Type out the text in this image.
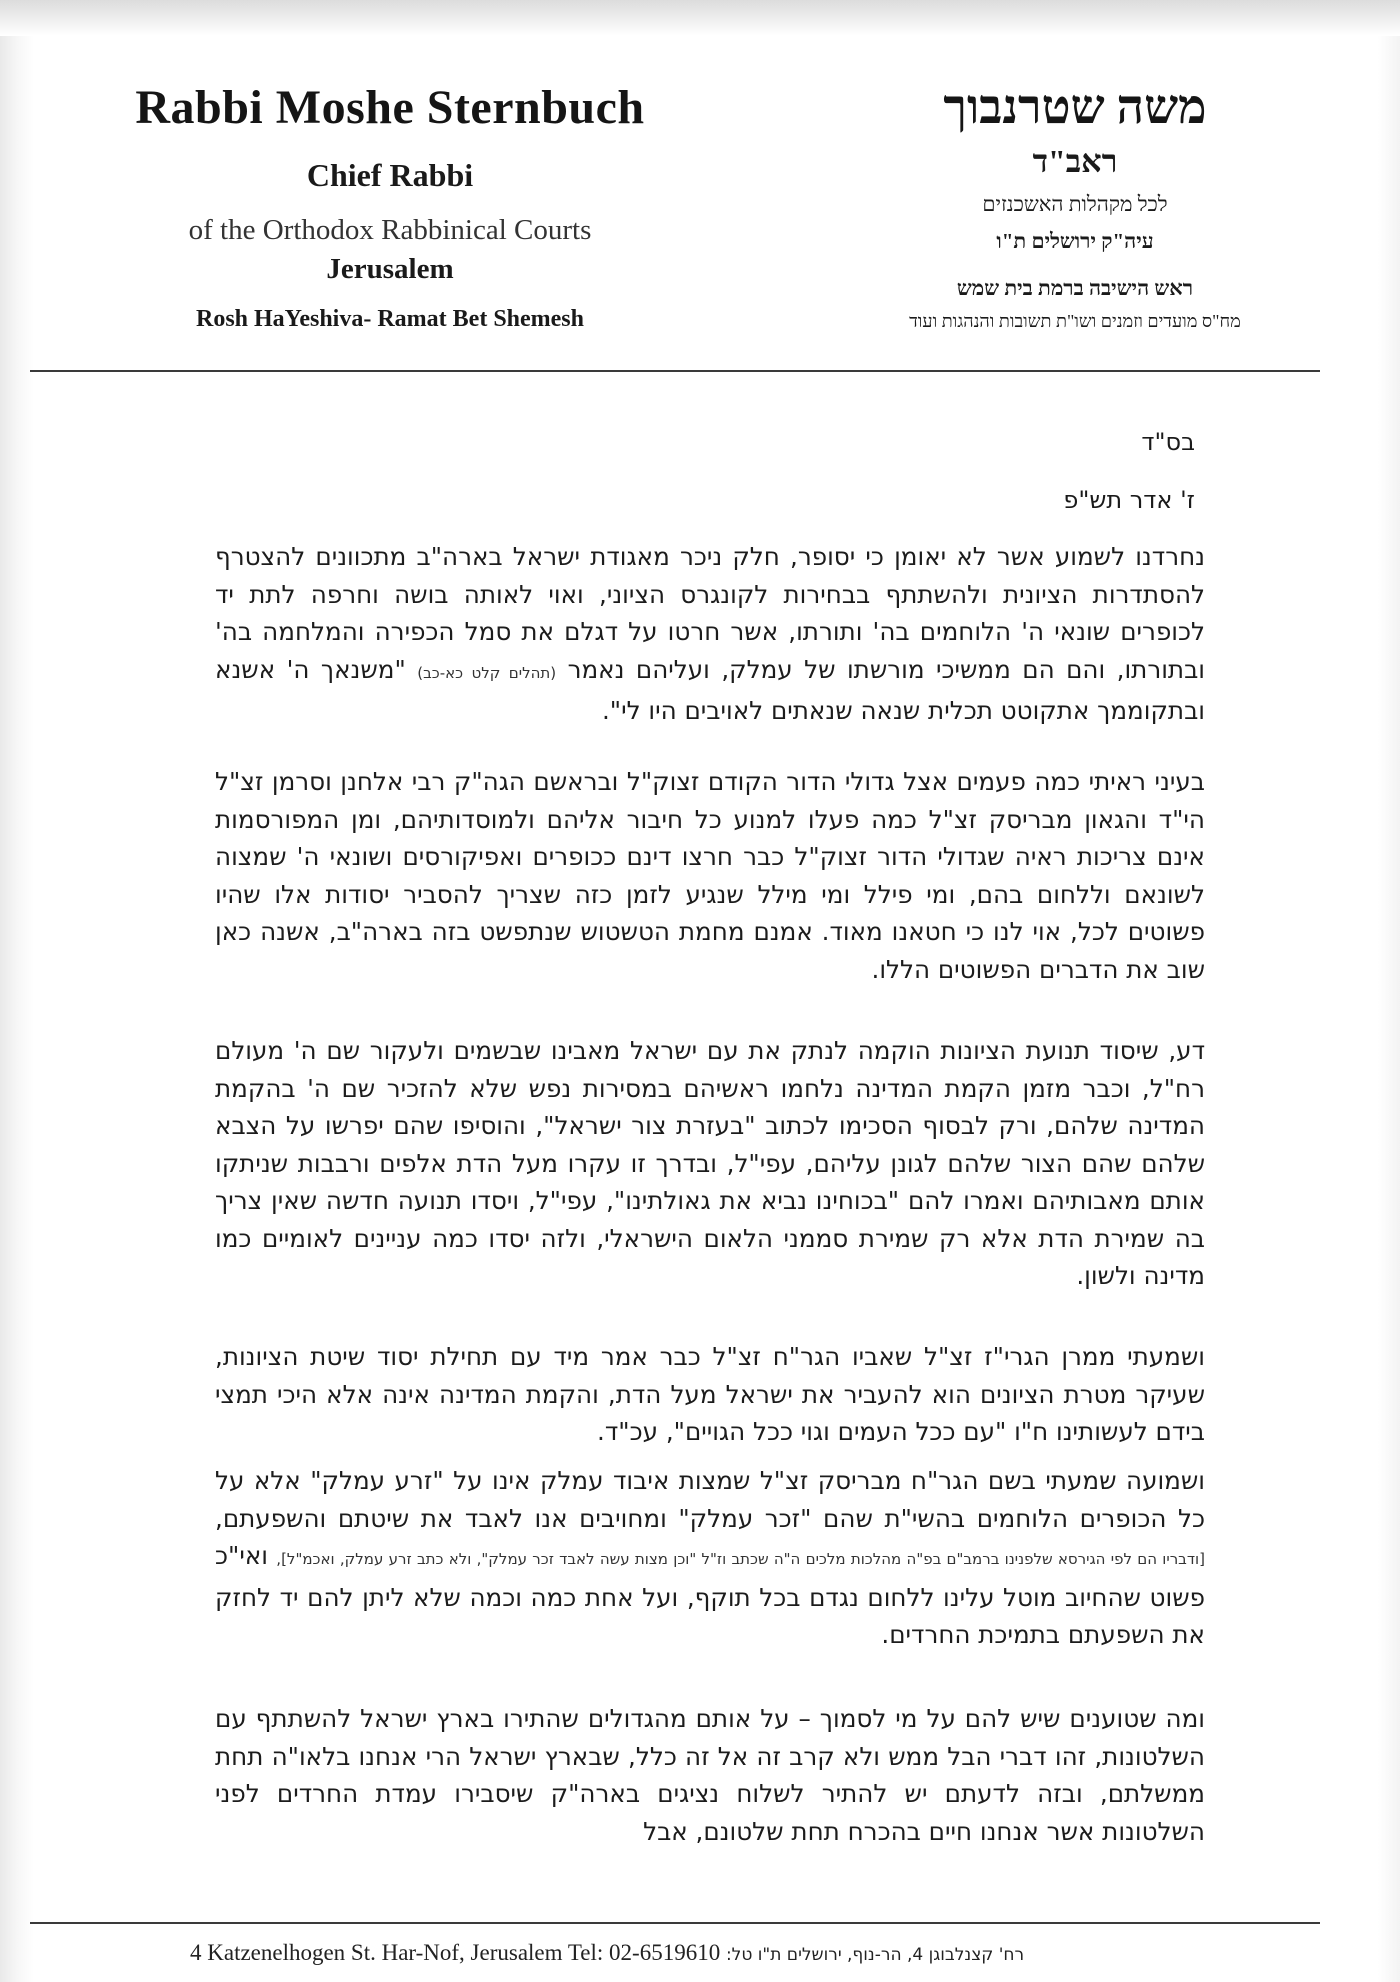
Rabbi Moshe Sternbuch
Chief Rabbi
of the Orthodox Rabbinical Courts
Jerusalem
Rosh HaYeshiva- Ramat Bet Shemesh
משה שטרנבוך
ראב"ד
לכל מקהלות האשכנזים
עיה"ק ירושלים ת"ו
ראש הישיבה ברמת בית שמש
מח"ס מועדים וזמנים ושו"ת תשובות והנהגות ועוד
בס"ד
ז' אדר תש"פ
נחרדנו לשמוע אשר לא יאומן כי יסופר, חלק ניכר מאגודת ישראל בארה"ב מתכוונים להצטרף להסתדרות הציונית ולהשתתף בבחירות לקונגרס הציוני, ואוי לאותה בושה וחרפה לתת יד לכופרים שונאי ה' הלוחמים בה' ותורתו, אשר חרטו על דגלם את סמל הכפירה והמלחמה בה' ובתורתו, והם הם ממשיכי מורשתו של עמלק, ועליהם נאמר (תהלים קלט כא-כב) "משנאך ה' אשנא ובתקוממך אתקוטט תכלית שנאה שנאתים לאויבים היו לי".
בעיני ראיתי כמה פעמים אצל גדולי הדור הקודם זצוק"ל ובראשם הגה"ק רבי אלחנן וסרמן זצ"ל הי"ד והגאון מבריסק זצ"ל כמה פעלו למנוע כל חיבור אליהם ולמוסדותיהם, ומן המפורסמות אינם צריכות ראיה שגדולי הדור זצוק"ל כבר חרצו דינם ככופרים ואפיקורסים ושונאי ה' שמצוה לשונאם וללחום בהם, ומי פילל ומי מילל שנגיע לזמן כזה שצריך להסביר יסודות אלו שהיו פשוטים לכל, אוי לנו כי חטאנו מאוד. אמנם מחמת הטשטוש שנתפשט בזה בארה"ב, אשנה כאן שוב את הדברים הפשוטים הללו.
דע, שיסוד תנועת הציונות הוקמה לנתק את עם ישראל מאבינו שבשמים ולעקור שם ה' מעולם רח"ל, וכבר מזמן הקמת המדינה נלחמו ראשיהם במסירות נפש שלא להזכיר שם ה' בהקמת המדינה שלהם, ורק לבסוף הסכימו לכתוב "בעזרת צור ישראל", והוסיפו שהם יפרשו על הצבא שלהם שהם הצור שלהם לגונן עליהם, עפי"ל, ובדרך זו עקרו מעל הדת אלפים ורבבות שניתקו אותם מאבותיהם ואמרו להם "בכוחינו נביא את גאולתינו", עפי"ל, ויסדו תנועה חדשה שאין צריך בה שמירת הדת אלא רק שמירת סממני הלאום הישראלי, ולזה יסדו כמה עניינים לאומיים כמו מדינה ולשון.
ושמעתי ממרן הגרי"ז זצ"ל שאביו הגר"ח זצ"ל כבר אמר מיד עם תחילת יסוד שיטת הציונות, שעיקר מטרת הציונים הוא להעביר את ישראל מעל הדת, והקמת המדינה אינה אלא היכי תמצי בידם לעשותינו ח"ו "עם ככל העמים וגוי ככל הגויים", עכ"ד.
ושמועה שמעתי בשם הגר"ח מבריסק זצ"ל שמצות איבוד עמלק אינו על "זרע עמלק" אלא על כל הכופרים הלוחמים בהשי"ת שהם "זכר עמלק" ומחויבים אנו לאבד את שיטתם והשפעתם, [ודבריו הם לפי הגירסא שלפנינו ברמב"ם בפ"ה מהלכות מלכים ה"ה שכתב וז"ל "וכן מצות עשה לאבד זכר עמלק", ולא כתב זרע עמלק, ואכמ"ל], ואי"כ פשוט שהחיוב מוטל עלינו ללחום נגדם בכל תוקף, ועל אחת כמה וכמה שלא ליתן להם יד לחזק את השפעתם בתמיכת החרדים.
ומה שטוענים שיש להם על מי לסמוך – על אותם מהגדולים שהתירו בארץ ישראל להשתתף עם השלטונות, זהו דברי הבל ממש ולא קרב זה אל זה כלל, שבארץ ישראל הרי אנחנו בלאו"ה תחת ממשלתם, ובזה לדעתם יש להתיר לשלוח נציגים בארה"ק שיסבירו עמדת החרדים לפני השלטונות אשר אנחנו חיים בהכרח תחת שלטונם, אבל
4 Katzenelhogen St. Har-Nof, Jerusalem Tel: 02-6519610 רח' קצנלבוגן 4, הר-נוף, ירושלים ת"ו טל:
